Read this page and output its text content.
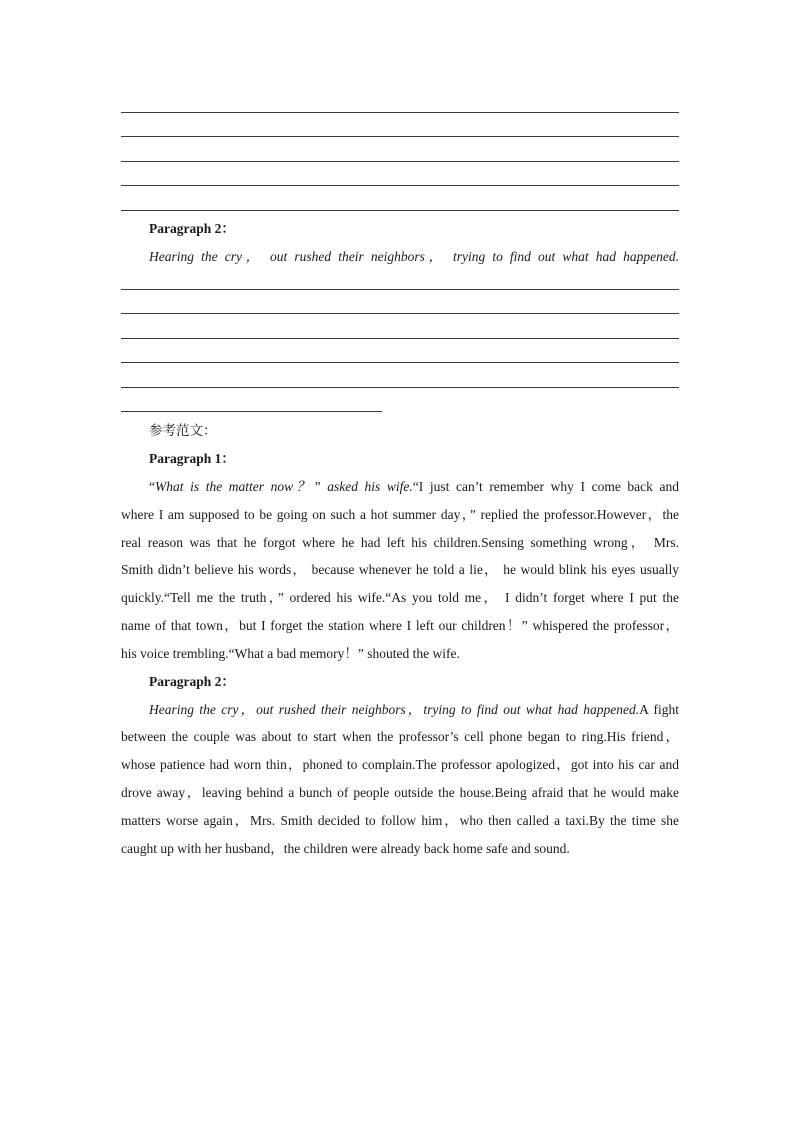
Paragraph 2：
Hearing the cry， out rushed their neighbors， trying to find out what had happened.
参考范文：
Paragraph 1：
“What is the matter now？” asked his wife.“I just can’t remember why I come back and
where I am supposed to be going on such a hot summer day，” replied the professor.However，the
real reason was that he forgot where he had left his children.Sensing something wrong， Mrs.
Smith didn’t believe his words， because whenever he told a lie， he would blink his eyes usually
quickly.“Tell me the truth，” ordered his wife.“As you told me， I didn’t forget where I put the
name of that town，but I forget the station where I left our children！” whispered the professor，
his voice trembling.“What a bad memory！” shouted the wife.
Paragraph 2：
Hearing the cry，out rushed their neighbors，trying to find out what had happened.A fight
between the couple was about to start when the professor’s cell phone began to ring.His friend，
whose patience had worn thin，phoned to complain.The professor apologized，got into his car and
drove away，leaving behind a bunch of people outside the house.Being afraid that he would make
matters worse again，Mrs. Smith decided to follow him，who then called a taxi.By the time she
caught up with her husband，the children were already back home safe and sound.
